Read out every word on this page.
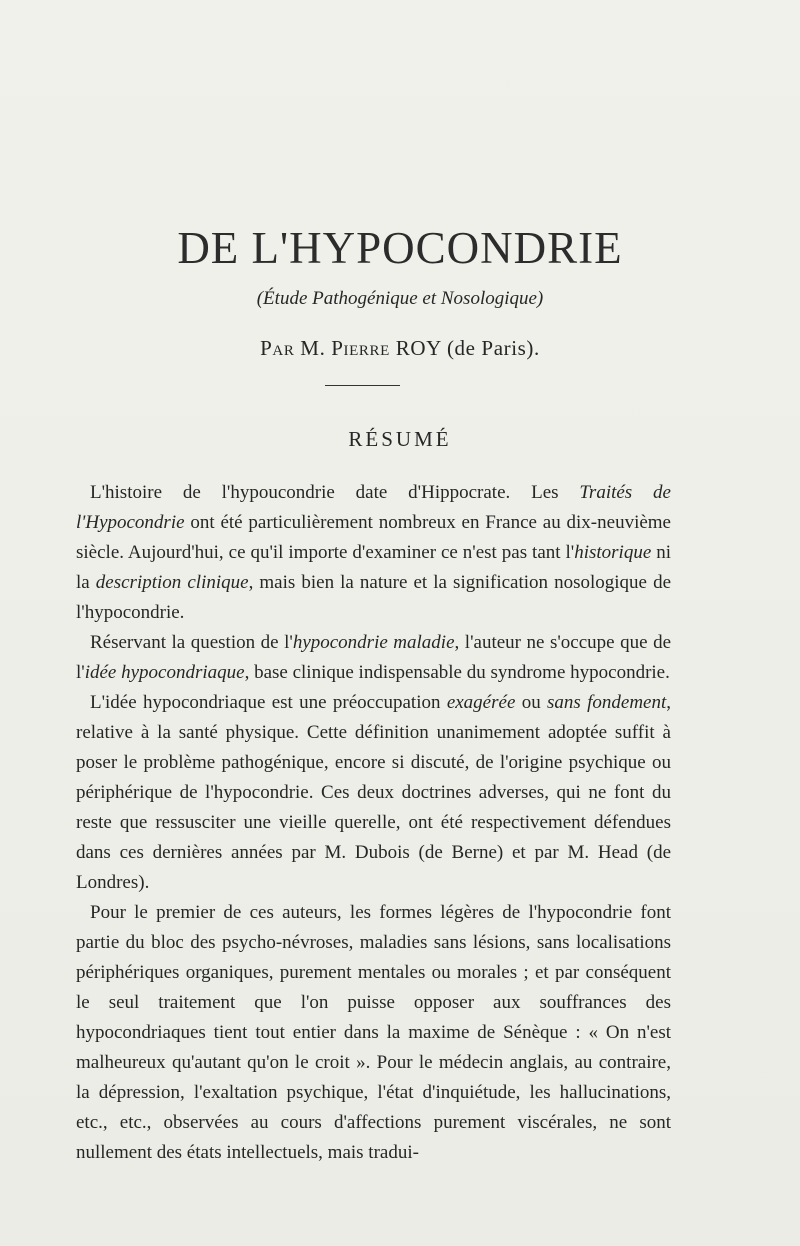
DE L'HYPOCONDRIE
(Étude Pathogénique et Nosologique)
Par M. Pierre ROY (de Paris).
RÉSUMÉ

L'histoire de l'hypoucondrie date d'Hippocrate. Les Traités de l'Hypocondrie ont été particulièrement nombreux en France au dix-neuvième siècle. Aujourd'hui, ce qu'il importe d'examiner ce n'est pas tant l'historique ni la description clinique, mais bien la nature et la signification nosologique de l'hypocondrie.

Réservant la question de l'hypocondrie maladie, l'auteur ne s'occupe que de l'idée hypocondriaque, base clinique indispensable du syndrome hypocondrie.

L'idée hypocondriaque est une préoccupation exagérée ou sans fondement, relative à la santé physique. Cette définition unanimement adoptée suffit à poser le problème pathogénique, encore si discuté, de l'origine psychique ou périphérique de l'hypocondrie. Ces deux doctrines adverses, qui ne font du reste que ressusciter une vieille querelle, ont été respectivement défendues dans ces dernières années par M. Dubois (de Berne) et par M. Head (de Londres).

Pour le premier de ces auteurs, les formes légères de l'hypocondrie font partie du bloc des psycho-névroses, maladies sans lésions, sans localisations périphériques organiques, purement mentales ou morales ; et par conséquent le seul traitement que l'on puisse opposer aux souffrances des hypocondriaques tient tout entier dans la maxime de Sénèque : « On n'est malheureux qu'autant qu'on le croit ». Pour le médecin anglais, au contraire, la dépression, l'exaltation psychique, l'état d'inquiétude, les hallucinations, etc., etc., observées au cours d'affections purement viscérales, ne sont nullement des états intellectuels, mais tradui-
